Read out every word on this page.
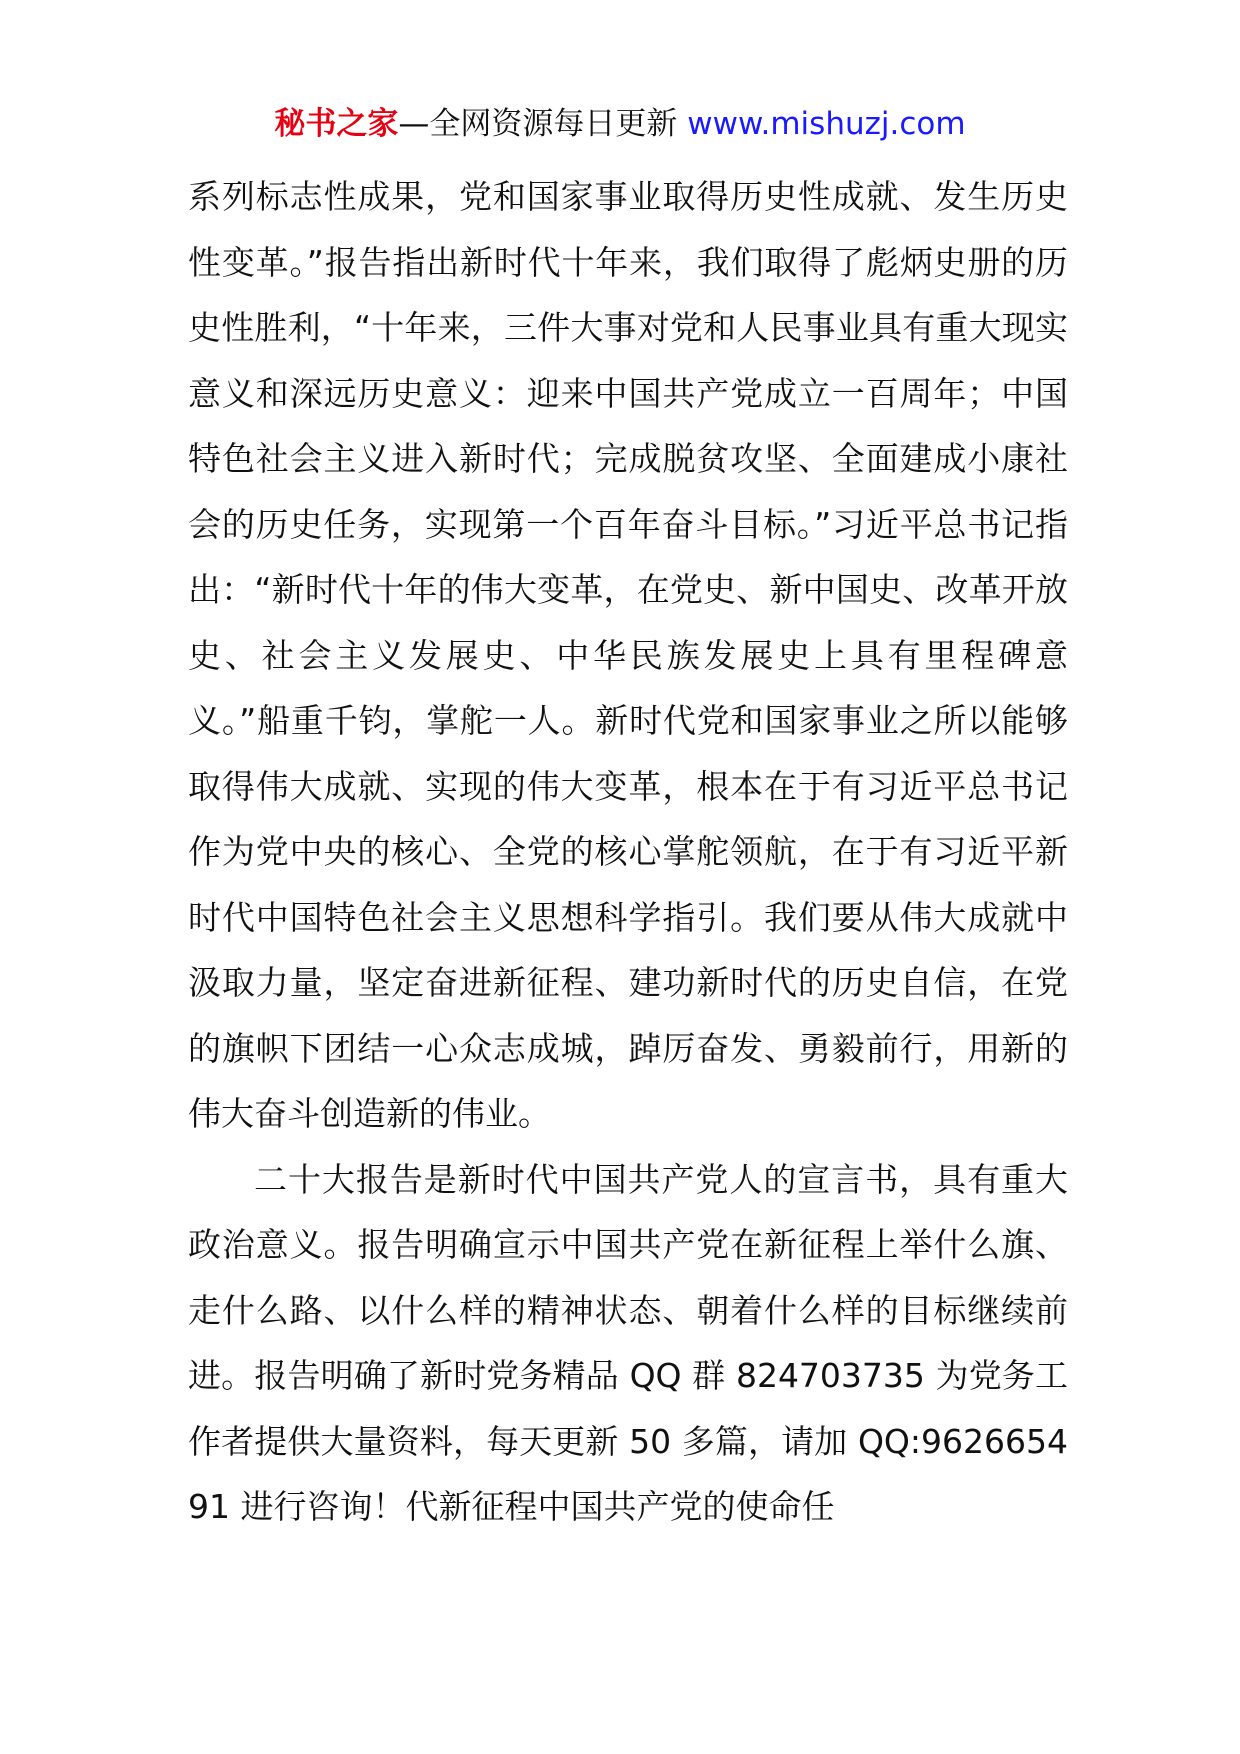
秘书之家—全网资源每日更新 www.mishuzj.com

系列标志性成果，党和国家事业取得历史性成就、发生历史性变革。”报告指出新时代十年来，我们取得了彪炳史册的历史性胜利，“十年来，三件大事对党和人民事业具有重大现实意义和深远历史意义：迎来中国共产党成立一百周年；中国特色社会主义进入新时代；完成脱贫攻坚、全面建成小康社会的历史任务，实现第一个百年奋斗目标。”习近平总书记指出：“新时代十年的伟大变革，在党史、新中国史、改革开放史、社会主义发展史、中华民族发展史上具有里程碑意义。”船重千钧，掌舵一人。新时代党和国家事业之所以能够取得伟大成就、实现的伟大变革，根本在于有习近平总书记作为党中央的核心、全党的核心掌舵领航，在于有习近平新时代中国特色社会主义思想科学指引。我们要从伟大成就中汲取力量，坚定奋进新征程、建功新时代的历史自信，在党的旗帜下团结一心众志成城，踔厉奋发、勇毅前行，用新的伟大奋斗创造新的伟业。

二十大报告是新时代中国共产党人的宣言书，具有重大政治意义。报告明确宣示中国共产党在新征程上举什么旗、走什么路、以什么样的精神状态、朝着什么样的目标继续前进。报告明确了新时党务精品 QQ 群 824703735 为党务工作者提供大量资料，每天更新 50 多篇，请加 QQ:962665491 进行咨询！代新征程中国共产党的使命任
